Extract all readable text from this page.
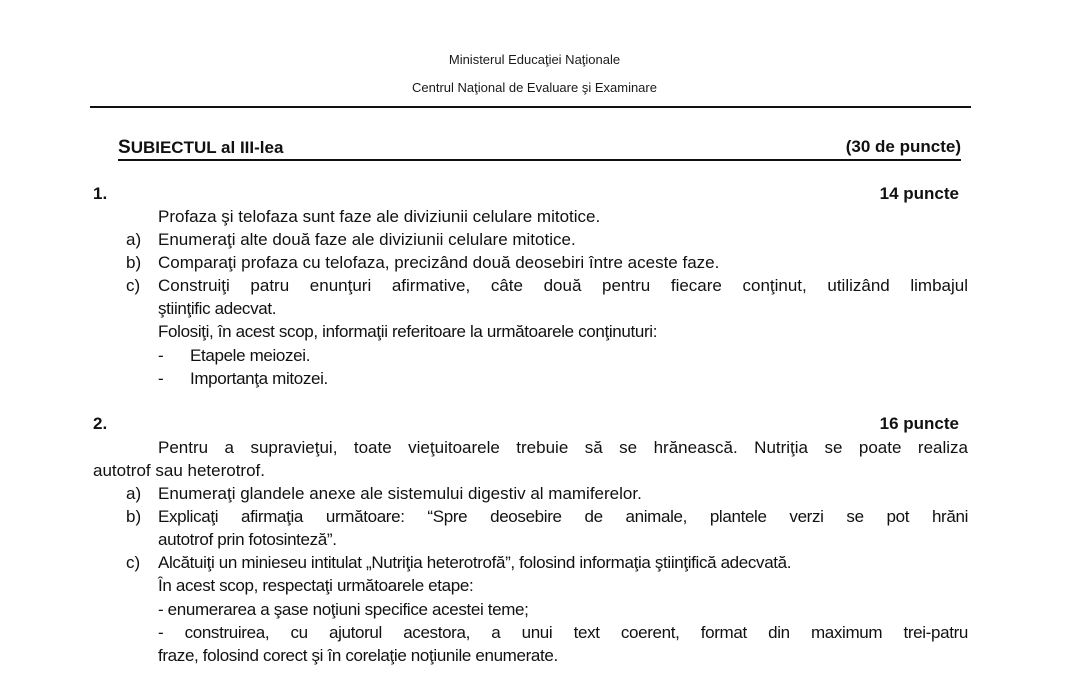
Ministerul Educaţiei Naţionale
Centrul Naţional de Evaluare şi Examinare
SUBIECTUL al III-lea	(30 de puncte)
1.	14 puncte
Profaza şi telofaza sunt faze ale diviziunii celulare mitotice.
a) Enumeraţi alte două faze ale diviziunii celulare mitotice.
b) Comparaţi profaza cu telofaza, precizând două deosebiri între aceste faze.
c) Construiţi patru enunţuri afirmative, câte două pentru fiecare conţinut, utilizând limbajul
ştiinţific adecvat.
Folosiţi, în acest scop, informaţii referitoare la următoarele conţinuturi:
- Etapele meiozei.
- Importanţa mitozei.
2.	16 puncte
Pentru a supravieţui, toate vieţuitoarele trebuie să se hrănească. Nutriţia se poate realiza
autotrof sau heterotrof.
a) Enumeraţi glandele anexe ale sistemului digestiv al mamiferelor.
b) Explicaţi afirmaţia următoare: “Spre deosebire de animale, plantele verzi se pot hrăni
autotrof prin fotosinteză”.
c) Alcătuiţi un minieseu intitulat „Nutriţia heterotrofă”, folosind informaţia ştiinţifică adecvată.
În acest scop, respectaţi următoarele etape:
- enumerarea a şase noţiuni specifice acestei teme;
- construirea, cu ajutorul acestora, a unui text coerent, format din maximum trei-patru
fraze, folosind corect şi în corelaţie noţiunile enumerate.
